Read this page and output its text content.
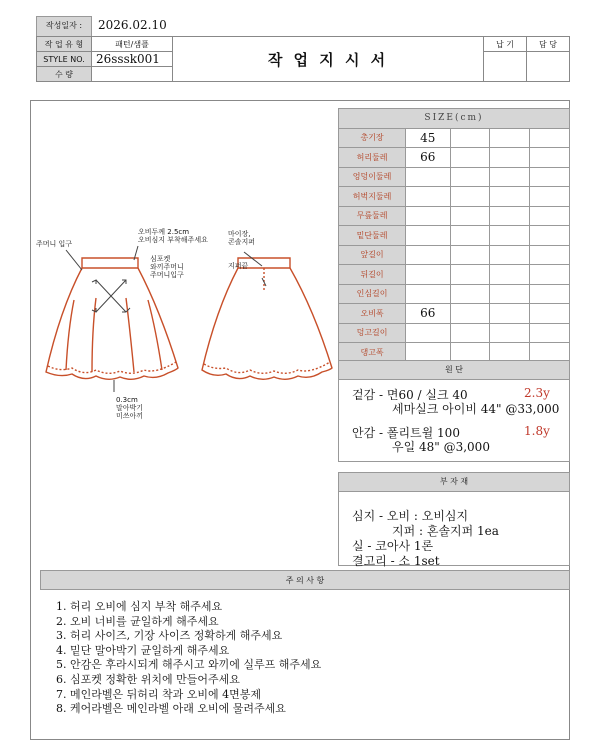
작성일자 :	2026.02.10
작 업 유 형	패턴/샘플	작 업 지 시 서	납 기	담 당
STYLE NO.	26sssk001			
수 량				
SIZE(cm)				
총기장	45			
허리둘레	66			
엉덩이둘레				
허벅지둘레				
무릎둘레				
밑단둘레				
앞길이				
뒤길이				
인심길이				
오비폭	66			
덩고길이				
댕고폭				
원 단
겉감 - 면60 / 실크 40	2.3y
세마실크 아이비 44" @33,000
안감 - 폴리트윌 100	1.8y
우일 48" @3,000
부 자 재
심지 - 오비 : 오비심지
지퍼 : 혼솔지퍼 1ea
실 - 코아사 1론
결고리 - 소 1set
주머니 입구
오비두께 2.5cm
오비심지 부착해주세요
심포켓
와끼주머니
주머니입구
0.3cm
말아박기
미쓰아끼
마이장,
콘솔지퍼
지퍼끝
주 의 사 항
1. 허리 오비에 심지 부착 해주세요
2. 오비 너비를 균일하게 해주세요
3. 허리 사이즈, 기장 사이즈 정확하게 해주세요
4. 밑단 말아박기 균일하게 해주세요
5. 안감은 후라시되게 해주시고 와끼에 실루프 해주세요
6. 심포켓 정확한 위치에 만들어주세요
7. 메인라벨은 뒤허리 착과 오비에 4면봉제
8. 케어라벨은 메인라벨 아래 오비에 물려주세요
